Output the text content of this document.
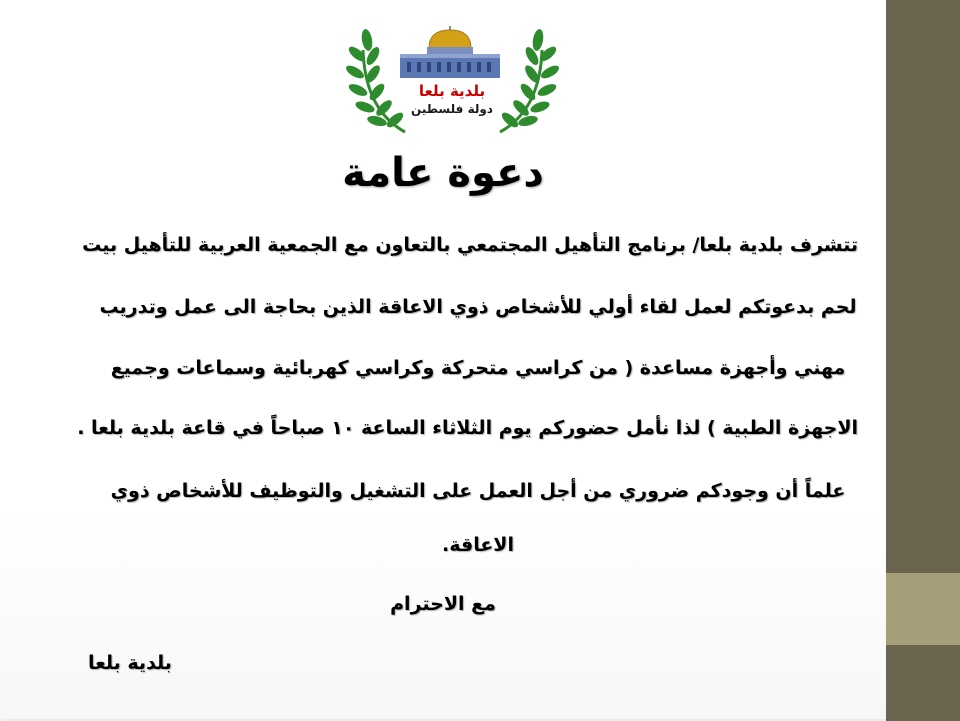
بلدية بلعا
دولة فلسطين
دعوة عامة
تتشرف بلدية بلعا/ برنامج التأهيل المجتمعي بالتعاون مع الجمعية العربية للتأهيل بيت
لحم بدعوتكم لعمل لقاء أولي للأشخاص ذوي الاعاقة الذين بحاجة الى عمل وتدريب
مهني وأجهزة مساعدة ( من كراسي متحركة وكراسي كهربائية وسماعات وجميع
الاجهزة الطبية ) لذا نأمل حضوركم يوم الثلاثاء الساعة ١٠ صباحاً في قاعة بلدية بلعا .
علماً أن وجودكم ضروري من أجل العمل على التشغيل والتوظيف للأشخاص ذوي
الاعاقة.
مع الاحترام
بلدية بلعا
